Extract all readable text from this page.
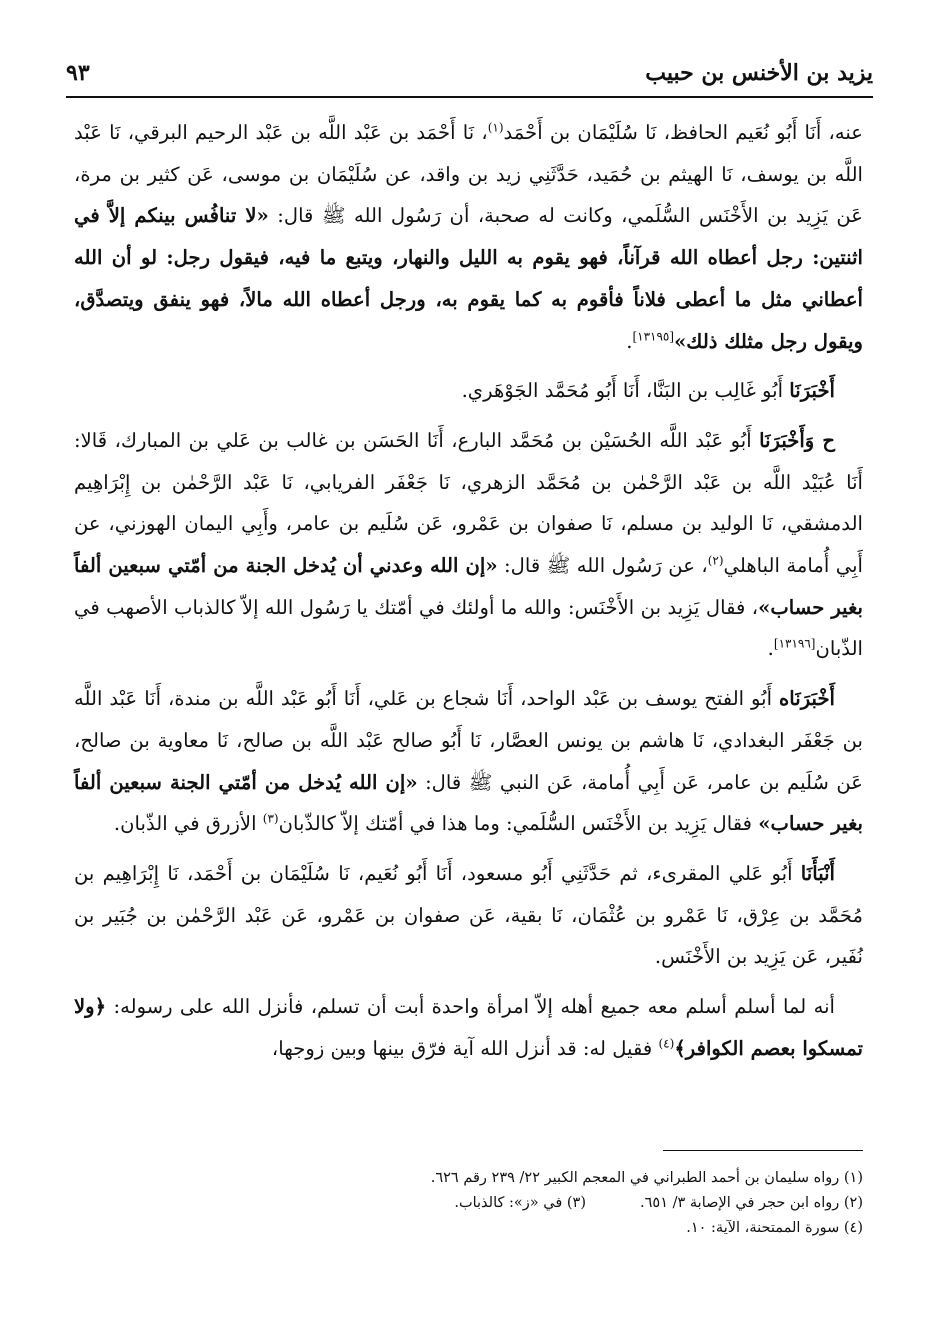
يزيد بن الأخنس بن حبيب
٩٣

عنه، أَنَا أَبُو نُعَيم الحافظ، نَا سُلَيْمَان بن أَحْمَد$^{(١)}$، نَا أَحْمَد بن عَبْد اللَّه بن عَبْد الرحيم البرقي، نَا عَبْد اللَّه بن يوسف، نَا الهيثم بن حُمَيد، حَدَّثَنِي زيد بن واقد، عن سُلَيْمَان بن موسى، عَن كثير بن مرة، عَن يَزِيد بن الأَخْنَس السُّلَمي، وكانت له صحبة، أن رَسُول الله ﷺ قال: «لا تنافُس بينكم إلاَّ في اثنتين: رجل أعطاه الله قرآناً، فهو يقوم به الليل والنهار، ويتبع ما فيه، فيقول رجل: لو أن الله أعطاني مثل ما أعطى فلاناً فأقوم به كما يقوم به، ورجل أعطاه الله مالاً، فهو ينفق ويتصدَّق، ويقول رجل مثلك ذلك»[١٣١٩٥].

أَخْبَرَنَا أَبُو غَالِب بن البَنَّا، أَنَا أَبُو مُحَمَّد الجَوْهَري.

ح وَأَخْبَرَنَا أَبُو عَبْد اللَّه الحُسَيْن بن مُحَمَّد البارع، أَنَا الحَسَن بن غالب بن عَلي بن المبارك، قَالا: أَنَا عُبَيْد اللَّه بن عَبْد الرَّحْمٰن بن مُحَمَّد الزهري، نَا جَعْفَر الفريابي، نَا عَبْد الرَّحْمٰن بن إِبْرَاهِيم الدمشقي، نَا الوليد بن مسلم، نَا صفوان بن عَمْرو، عَن سُلَيم بن عامر، وأَبِي اليمان الهوزني، عن أَبِي أُمامة الباهلي$^{(٢)}$، عن رَسُول الله ﷺ قال: «إن الله وعدني أن يُدخل الجنة من أمّتي سبعين ألفاً بغير حساب»، فقال يَزِيد بن الأَخْنَس: والله ما أولئك في أمّتك يا رَسُول الله إلاّ كالذباب الأصهب في الذّبان[١٣١٩٦].

أَخْبَرَنَاه أَبُو الفتح يوسف بن عَبْد الواحد، أَنَا شجاع بن عَلي، أَنَا أَبُو عَبْد اللَّه بن مندة، أَنَا عَبْد اللَّه بن جَعْفَر البغدادي، نَا هاشم بن يونس العصَّار، نَا أَبُو صالح عَبْد اللَّه بن صالح، نَا معاوية بن صالح، عَن سُلَيم بن عامر، عَن أَبِي أُمامة، عَن النبي ﷺ قال: «إن الله يُدخل من أمّتي الجنة سبعين ألفاً بغير حساب» فقال يَزِيد بن الأَخْنَس السُّلَمي: وما هذا في أمّتك إلاّ كالذّبان$^{(٣)}$ الأزرق في الذّبان.

أَنْبَأَنَا أَبُو عَلي المقرىء، ثم حَدَّثَنِي أَبُو مسعود، أَنَا أَبُو نُعَيم، نَا سُلَيْمَان بن أَحْمَد، نَا إِبْرَاهِيم بن مُحَمَّد بن عِرْق، نَا عَمْرو بن عُثْمَان، نَا بقية، عَن صفوان بن عَمْرو، عَن عَبْد الرَّحْمٰن بن جُبَير بن نُفَير، عَن يَزِيد بن الأَخْنَس.

أنه لما أسلم أسلم معه جميع أهله إلاّ امرأة واحدة أبت أن تسلم، فأنزل الله على رسوله: ﴿ولا تمسكوا بعصم الكوافر﴾$^{(٤)}$ فقيل له: قد أنزل الله آية فرّق بينها وبين زوجها،

(١) رواه سليمان بن أحمد الطبراني في المعجم الكبير ٢٢/ ٢٣٩ رقم ٦٢٦.
(٢) رواه ابن حجر في الإصابة ٣/ ٦٥١.(٣) في «ز»: كالذباب.
(٤) سورة الممتحنة، الآية: ١٠.
